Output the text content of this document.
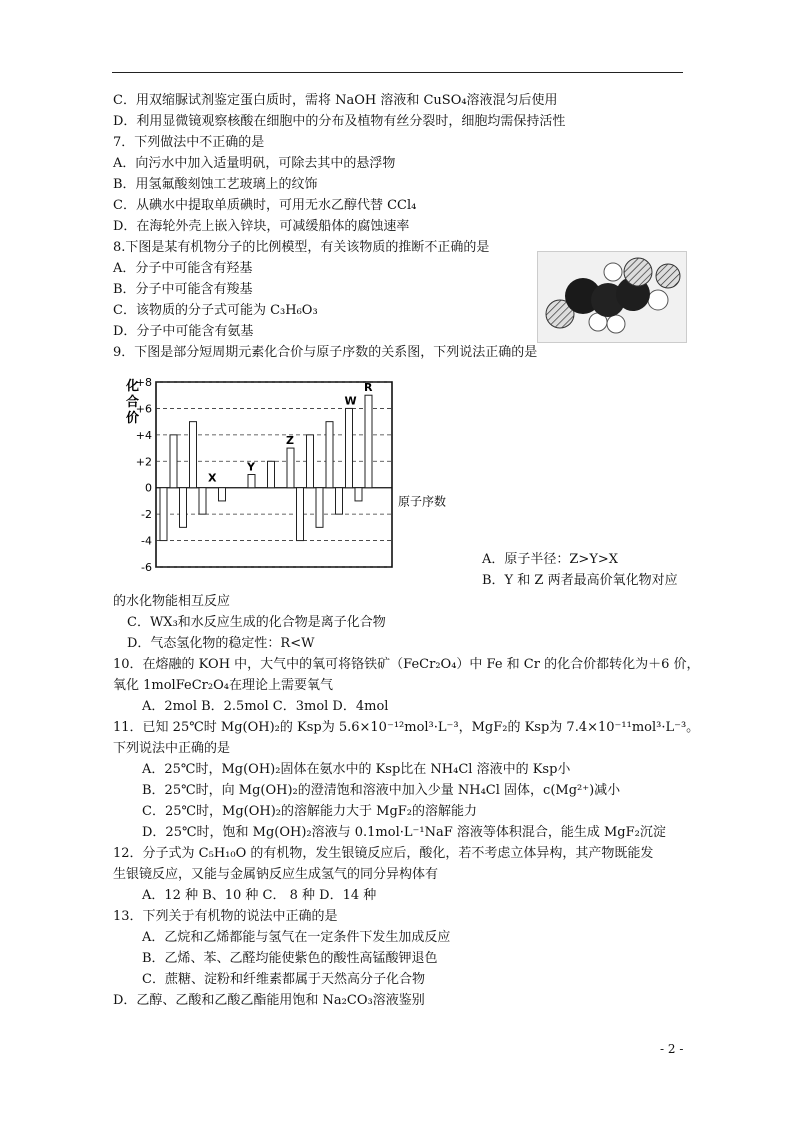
C．用双缩脲试剂鉴定蛋白质时，需将 NaOH 溶液和 CuSO₄溶液混匀后使用
D．利用显微镜观察核酸在细胞中的分布及植物有丝分裂时，细胞均需保持活性
7．下列做法中不正确的是
A．向污水中加入适量明矾，可除去其中的悬浮物
B．用氢氟酸刻蚀工艺玻璃上的纹饰
C．从碘水中提取单质碘时，可用无水乙醇代替 CCl₄
D．在海轮外壳上嵌入锌块，可减缓船体的腐蚀速率
8.下图是某有机物分子的比例模型，有关该物质的推断不正确的是
A．分子中可能含有羟基
B．分子中可能含有羧基
C．该物质的分子式可能为 C₃H₆O₃
D．分子中可能含有氨基
9．下图是部分短周期元素化合价与原子序数的关系图，下列说法正确的是
A．原子半径：Z>Y>X
B．Y 和 Z 两者最高价氧化物对应
的水化物能相互反应
C．WX₃和水反应生成的化合物是离子化合物
D．气态氢化物的稳定性：R<W
10．在熔融的 KOH 中，大气中的氧可将铬铁矿（FeCr₂O₄）中 Fe 和 Cr 的化合价都转化为＋6 价，
氧化 1molFeCr₂O₄在理论上需要氧气
A．2mol B．2.5mol C．3mol D．4mol
11．已知 25℃时 Mg(OH)₂的 Ksp为 5.6×10⁻¹²mol³·L⁻³，MgF₂的 Ksp为 7.4×10⁻¹¹mol³·L⁻³。
下列说法中正确的是
A．25℃时，Mg(OH)₂固体在氨水中的 Ksp比在 NH₄Cl 溶液中的 Ksp小
B．25℃时，向 Mg(OH)₂的澄清饱和溶液中加入少量 NH₄Cl 固体，c(Mg²⁺)减小
C．25℃时，Mg(OH)₂的溶解能力大于 MgF₂的溶解能力
D．25℃时，饱和 Mg(OH)₂溶液与 0.1mol·L⁻¹NaF 溶液等体积混合，能生成 MgF₂沉淀
12．分子式为 C₅H₁₀O 的有机物，发生银镜反应后，酸化，若不考虑立体异构，其产物既能发
生银镜反应，又能与金属钠反应生成氢气的同分异构体有
A．12 种 B、10 种 C． 8 种 D．14 种
13．下列关于有机物的说法中正确的是
A．乙烷和乙烯都能与氢气在一定条件下发生加成反应
B．乙烯、苯、乙醛均能使紫色的酸性高锰酸钾退色
C．蔗糖、淀粉和纤维素都属于天然高分子化合物
D．乙醇、乙酸和乙酸乙酯能用饱和 Na₂CO₃溶液鉴别
+8
+6
+4
+2
0
-2
-4
-6
化
合
价
原子序数
X
Y
Z
W
R
- 2 -
